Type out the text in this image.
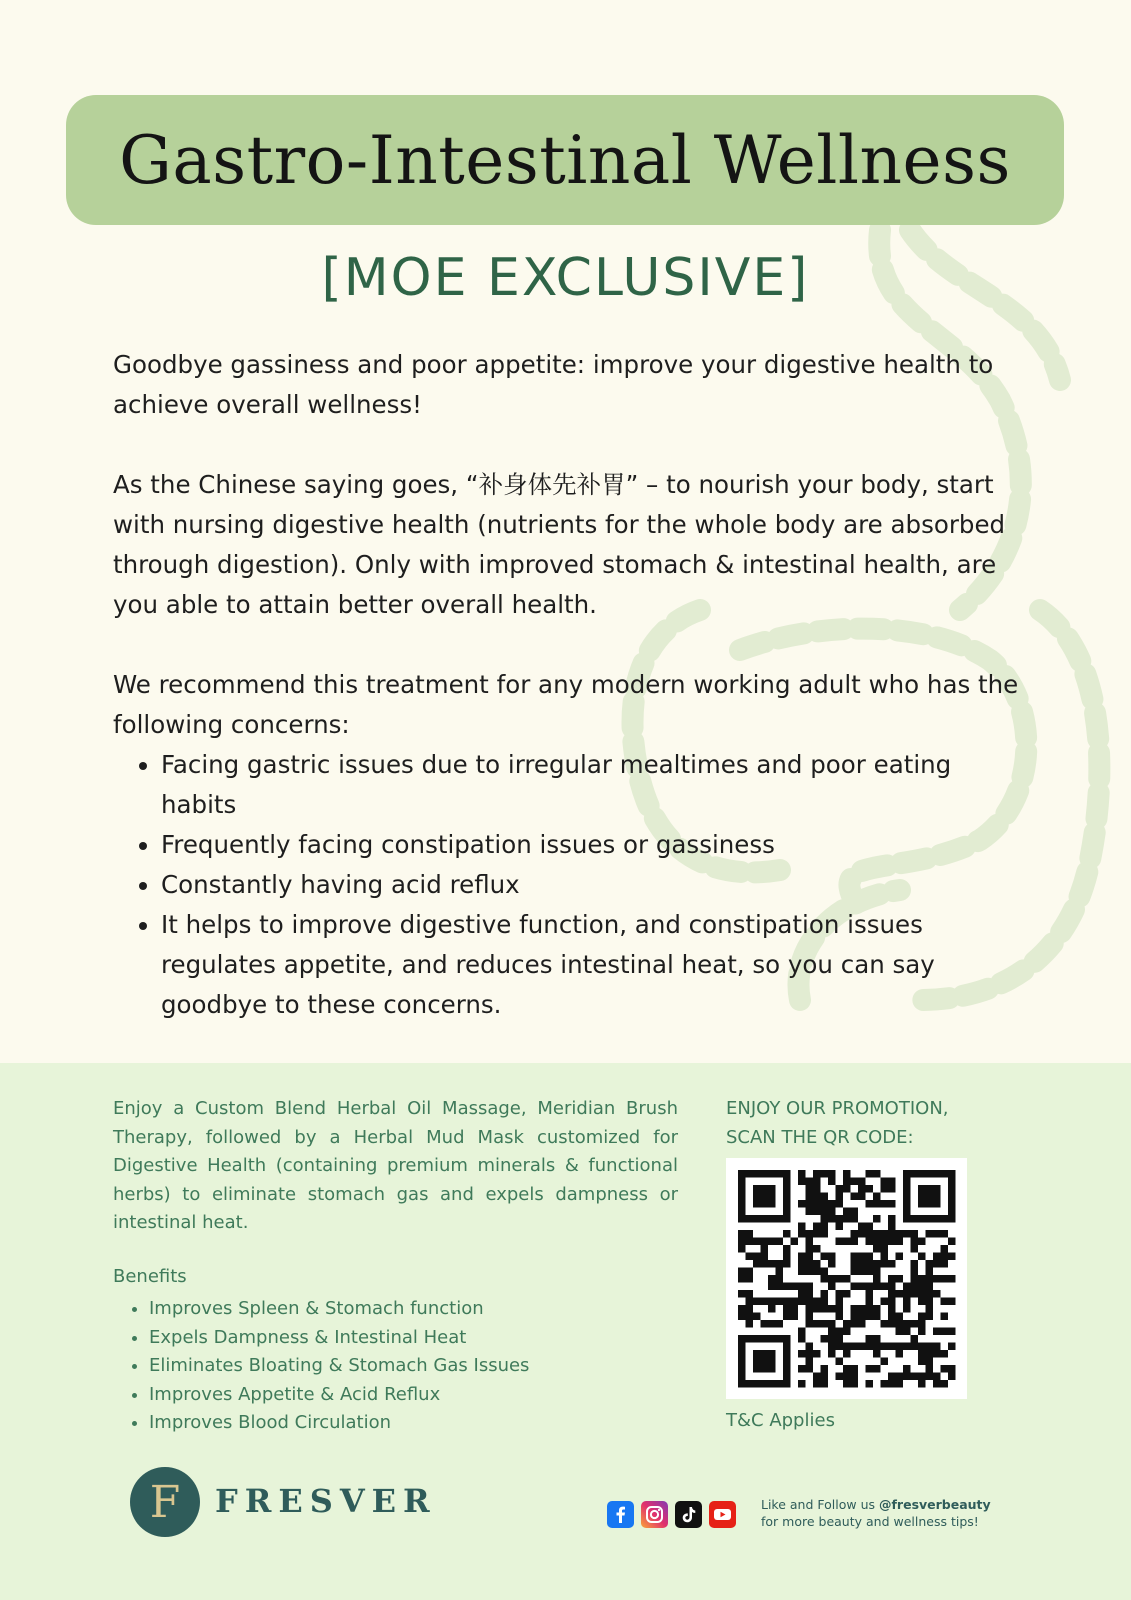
Gastro-Intestinal Wellness
[MOE EXCLUSIVE]

Goodbye gassiness and poor appetite: improve your digestive health to achieve overall wellness!

As the Chinese saying goes, “补身体先补胃” – to nourish your body, start with nursing digestive health (nutrients for the whole body are absorbed through digestion). Only with improved stomach & intestinal health, are you able to attain better overall health.

We recommend this treatment for any modern working adult who has the following concerns:

• Facing gastric issues due to irregular mealtimes and poor eating habits
• Frequently facing constipation issues or gassiness
• Constantly having acid reflux
• It helps to improve digestive function, and constipation issues regulates appetite, and reduces intestinal heat, so you can say goodbye to these concerns.

Enjoy a Custom Blend Herbal Oil Massage, Meridian Brush Therapy, followed by a Herbal Mud Mask customized for Digestive Health (containing premium minerals & functional herbs) to eliminate stomach gas and expels dampness or intestinal heat.

Benefits

• Improves Spleen & Stomach function
• Expels Dampness & Intestinal Heat
• Eliminates Bloating & Stomach Gas Issues
• Improves Appetite & Acid Reflux
• Improves Blood Circulation
ENJOY OUR PROMOTION,
SCAN THE QR CODE:
T&C Applies
F FRESVER	Like and Follow us @fresverbeauty
for more beauty and wellness tips!
